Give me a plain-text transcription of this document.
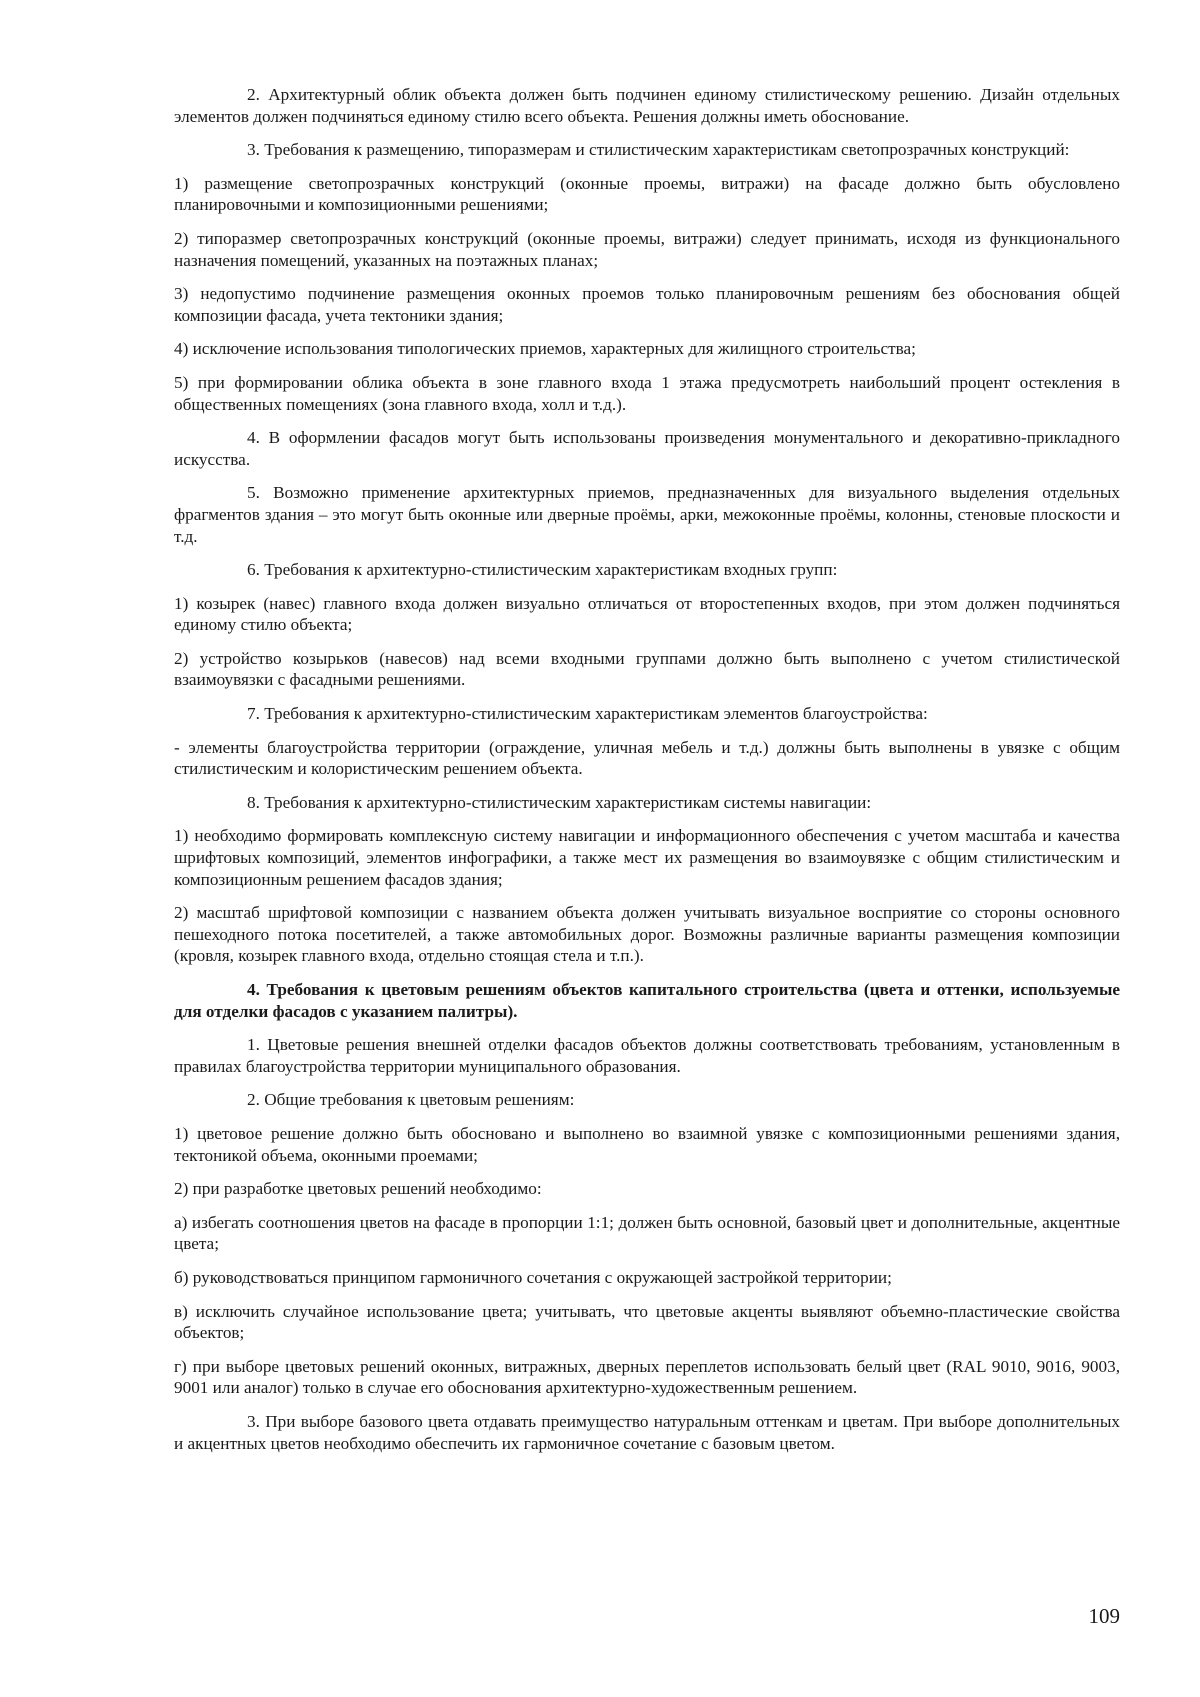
2. Архитектурный облик объекта должен быть подчинен единому стилистическому решению. Дизайн отдельных элементов должен подчиняться единому стилю всего объекта. Решения должны иметь обоснование.

3. Требования к размещению, типоразмерам и стилистическим характеристикам светопрозрачных конструкций:

1) размещение светопрозрачных конструкций (оконные проемы, витражи) на фасаде должно быть обусловлено планировочными и композиционными решениями;

2) типоразмер светопрозрачных конструкций (оконные проемы, витражи) следует принимать, исходя из функционального назначения помещений, указанных на поэтажных планах;

3) недопустимо подчинение размещения оконных проемов только планировочным решениям без обоснования общей композиции фасада, учета тектоники здания;

4) исключение использования типологических приемов, характерных для жилищного строительства;

5) при формировании облика объекта в зоне главного входа 1 этажа предусмотреть наибольший процент остекления в общественных помещениях (зона главного входа, холл и т.д.).

4. В оформлении фасадов могут быть использованы произведения монументального и декоративно-прикладного искусства.

5. Возможно применение архитектурных приемов, предназначенных для визуального выделения отдельных фрагментов здания – это могут быть оконные или дверные проёмы, арки, межоконные проёмы, колонны, стеновые плоскости и т.д.

6. Требования к архитектурно-стилистическим характеристикам входных групп:

1) козырек (навес) главного входа должен визуально отличаться от второстепенных входов, при этом должен подчиняться единому стилю объекта;

2) устройство козырьков (навесов) над всеми входными группами должно быть выполнено с учетом стилистической взаимоувязки с фасадными решениями.

7. Требования к архитектурно-стилистическим характеристикам элементов благоустройства:

- элементы благоустройства территории (ограждение, уличная мебель и т.д.) должны быть выполнены в увязке с общим стилистическим и колористическим решением объекта.

8. Требования к архитектурно-стилистическим характеристикам системы навигации:

1) необходимо формировать комплексную систему навигации и информационного обеспечения с учетом масштаба и качества шрифтовых композиций, элементов инфографики, а также мест их размещения во взаимоувязке с общим стилистическим и композиционным решением фасадов здания;

2) масштаб шрифтовой композиции с названием объекта должен учитывать визуальное восприятие со стороны основного пешеходного потока посетителей, а также автомобильных дорог. Возможны различные варианты размещения композиции (кровля, козырек главного входа, отдельно стоящая стела и т.п.).

4. Требования к цветовым решениям объектов капитального строительства (цвета и оттенки, используемые для отделки фасадов с указанием палитры).

1. Цветовые решения внешней отделки фасадов объектов должны соответствовать требованиям, установленным в правилах благоустройства территории муниципального образования.

2. Общие требования к цветовым решениям:

1) цветовое решение должно быть обосновано и выполнено во взаимной увязке с композиционными решениями здания, тектоникой объема, оконными проемами;

2) при разработке цветовых решений необходимо:

а) избегать соотношения цветов на фасаде в пропорции 1:1; должен быть основной, базовый цвет и дополнительные, акцентные цвета;

б) руководствоваться принципом гармоничного сочетания с окружающей застройкой территории;

в) исключить случайное использование цвета; учитывать, что цветовые акценты выявляют объемно-пластические свойства объектов;

г) при выборе цветовых решений оконных, витражных, дверных переплетов использовать белый цвет (RAL 9010, 9016, 9003, 9001 или аналог) только в случае его обоснования архитектурно-художественным решением.

3. При выборе базового цвета отдавать преимущество натуральным оттенкам и цветам. При выборе дополнительных и акцентных цветов необходимо обеспечить их гармоничное сочетание с базовым цветом.

109
